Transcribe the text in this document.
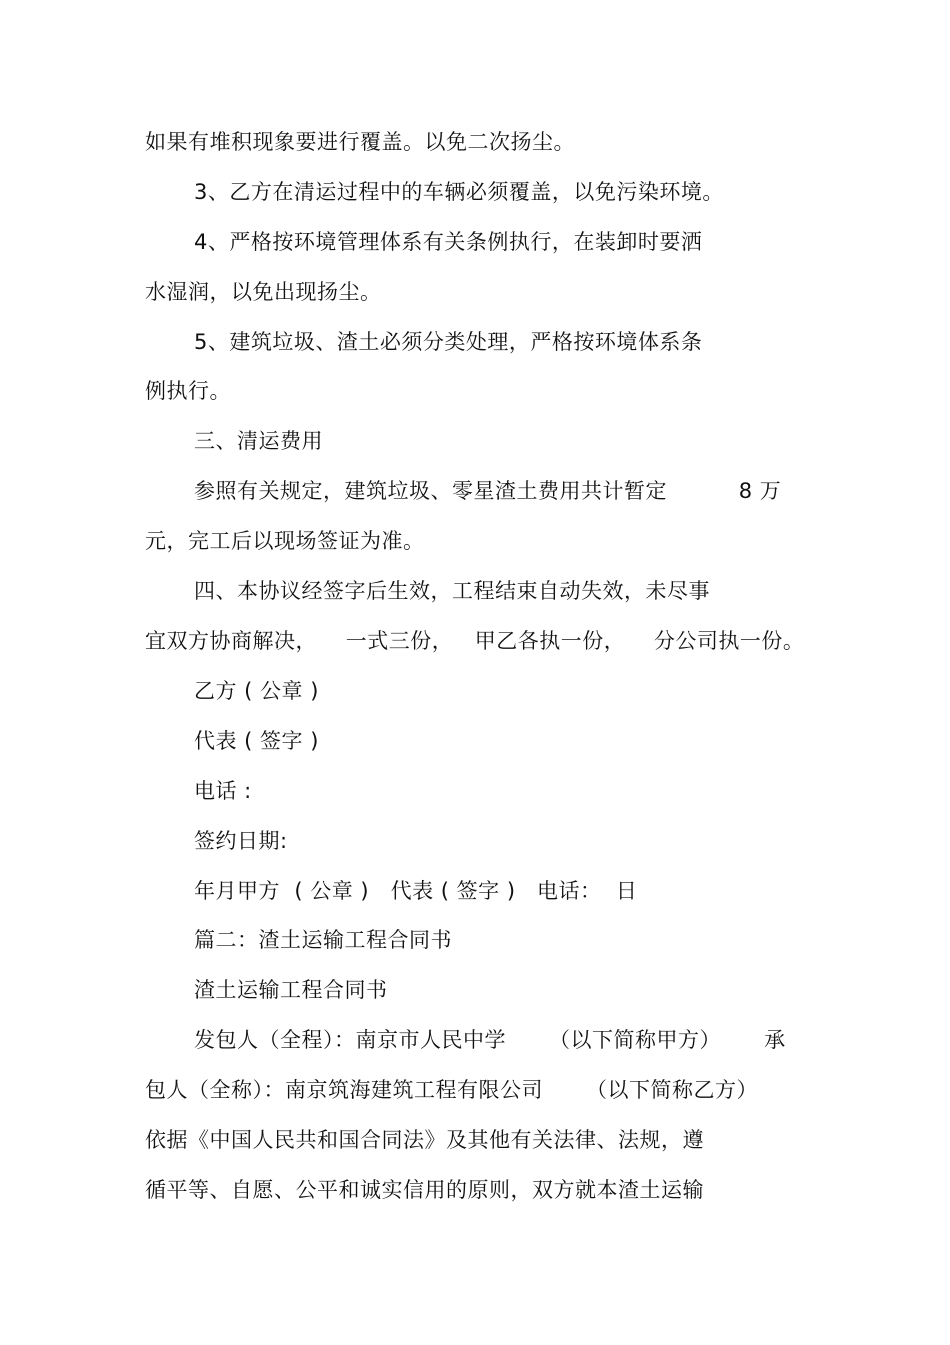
如果有堆积现象要进行覆盖。以免二次扬尘。
3、乙方在清运过程中的车辆必须覆盖，以免污染环境。
4、严格按环境管理体系有关条例执行，在装卸时要洒
水湿润，以免出现扬尘。
5、建筑垃圾、渣土必须分类处理，严格按环境体系条
例执行。
三、清运费用
参照有关规定，建筑垃圾、零星渣土费用共计暂定          8 万
元，完工后以现场签证为准。
四、本协议经签字后生效，工程结束自动失效，未尽事
宜双方协商解决，    一式三份，   甲乙各执一份，    分公司执一份。
乙方 ( 公章 )
代表 ( 签字 )
电话 :
签约日期:
年月甲方  ( 公章 )   代表 ( 签字 )   电话：  日
篇二：渣土运输工程合同书
渣土运输工程合同书
发包人（全程）：南京市人民中学      （以下简称甲方）      承
包人（全称）：南京筑海建筑工程有限公司      （以下简称乙方）
依据《中国人民共和国合同法》及其他有关法律、法规，遵
循平等、自愿、公平和诚实信用的原则，双方就本渣土运输
